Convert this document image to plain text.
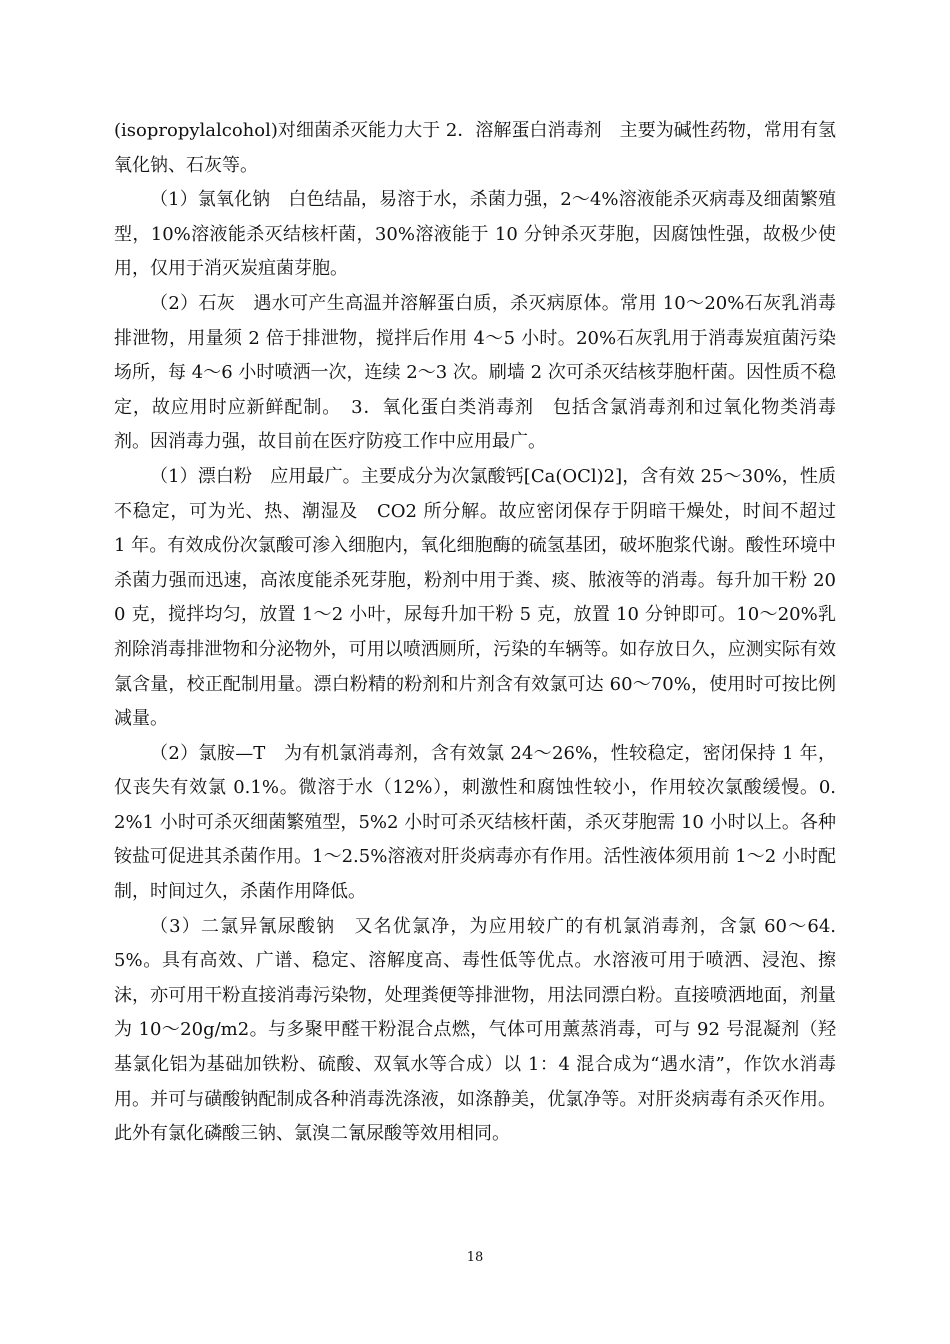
(isopropylalcohol)对细菌杀灭能力大于 2．溶解蛋白消毒剂　主要为碱性药物，常用有氢氧化钠、石灰等。

（1）氯氧化钠　白色结晶，易溶于水，杀菌力强，2～4%溶液能杀灭病毒及细菌繁殖型，10%溶液能杀灭结核杆菌，30%溶液能于 10 分钟杀灭芽胞，因腐蚀性强，故极少使用，仅用于消灭炭疽菌芽胞。

（2）石灰　遇水可产生高温并溶解蛋白质，杀灭病原体。常用 10～20%石灰乳消毒排泄物，用量须 2 倍于排泄物，搅拌后作用 4～5 小时。20%石灰乳用于消毒炭疽菌污染场所，每 4～6 小时喷洒一次，连续 2～3 次。刷墙 2 次可杀灭结核芽胞杆菌。因性质不稳定，故应用时应新鲜配制。　3．氧化蛋白类消毒剂　包括含氯消毒剂和过氧化物类消毒剂。因消毒力强，故目前在医疗防疫工作中应用最广。

（1）漂白粉　应用最广。主要成分为次氯酸钙[Ca(OCl)2]，含有效 25～30%，性质不稳定，可为光、热、潮湿及　CO2 所分解。故应密闭保存于阴暗干燥处，时间不超过　1 年。有效成份次氯酸可渗入细胞内，氧化细胞酶的硫氢基团，破坏胞浆代谢。酸性环境中杀菌力强而迅速，高浓度能杀死芽胞，粉剂中用于粪、痰、脓液等的消毒。每升加干粉 200 克，搅拌均匀，放置 1～2 小叶，尿每升加干粉 5 克，放置 10 分钟即可。10～20%乳剂除消毒排泄物和分泌物外，可用以喷洒厕所，污染的车辆等。如存放日久，应测实际有效氯含量，校正配制用量。漂白粉精的粉剂和片剂含有效氯可达 60～70%，使用时可按比例减量。

（2）氯胺—T　为有机氯消毒剂，含有效氯 24～26%，性较稳定，密闭保持 1 年，仅丧失有效氯 0.1%。微溶于水（12%），刺激性和腐蚀性较小，作用较次氯酸缓慢。0.2%1 小时可杀灭细菌繁殖型，5%2 小时可杀灭结核杆菌，杀灭芽胞需 10 小时以上。各种铵盐可促进其杀菌作用。1～2.5%溶液对肝炎病毒亦有作用。活性液体须用前 1～2 小时配制，时间过久，杀菌作用降低。

（3）二氯异氰尿酸钠　又名优氯净，为应用较广的有机氯消毒剂，含氯 60～64.5%。具有高效、广谱、稳定、溶解度高、毒性低等优点。水溶液可用于喷洒、浸泡、擦沫，亦可用干粉直接消毒污染物，处理粪便等排泄物，用法同漂白粉。直接喷洒地面，剂量为 10～20g/m2。与多聚甲醛干粉混合点燃，气体可用薰蒸消毒，可与 92 号混凝剂（羟基氯化铝为基础加铁粉、硫酸、双氧水等合成）以 1：4 混合成为“遇水清”，作饮水消毒用。并可与磺酸钠配制成各种消毒洗涤液，如涤静美，优氯净等。对肝炎病毒有杀灭作用。此外有氯化磷酸三钠、氯溴二氰尿酸等效用相同。

18
